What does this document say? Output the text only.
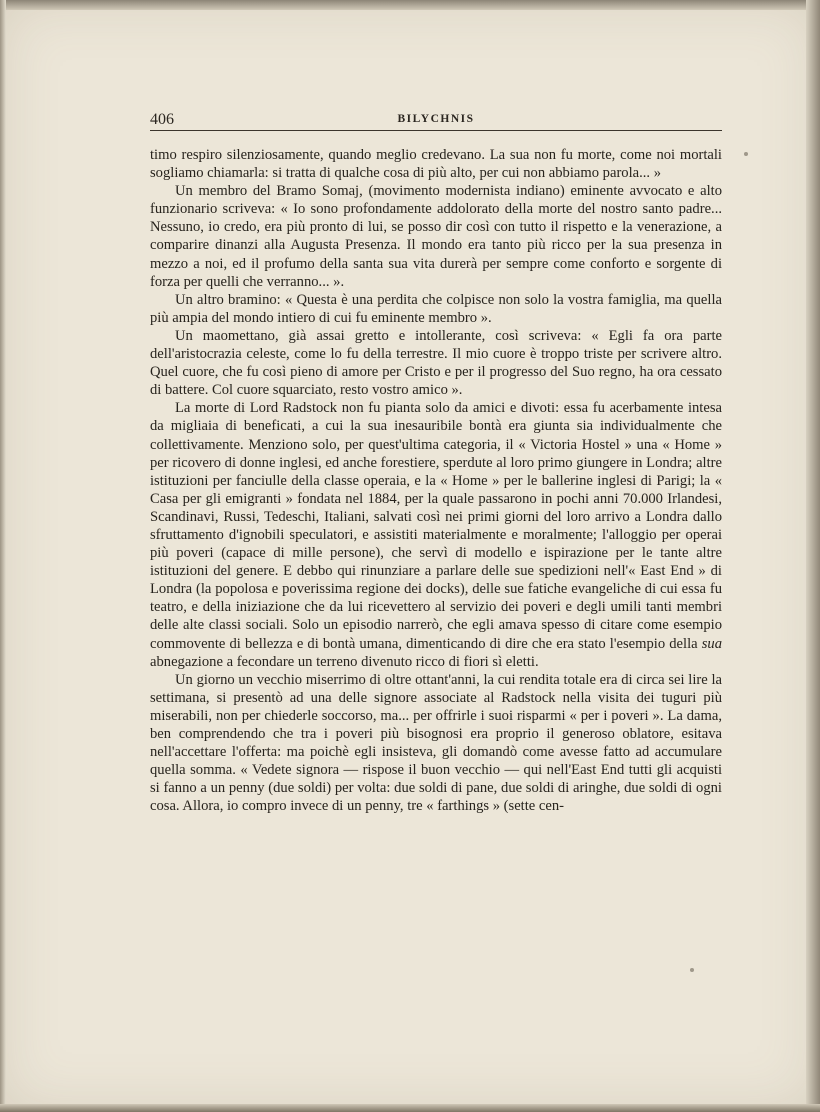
406	BILYCHNIS

timo respiro silenziosamente, quando meglio credevano. La sua non fu morte, come noi mortali sogliamo chiamarla: si tratta di qualche cosa di più alto, per cui non abbiamo parola... »

Un membro del Bramo Somaj, (movimento modernista indiano) eminente avvocato e alto funzionario scriveva: « Io sono profondamente addolorato della morte del nostro santo padre... Nessuno, io credo, era più pronto di lui, se posso dir così con tutto il rispetto e la venerazione, a comparire dinanzi alla Augusta Presenza. Il mondo era tanto più ricco per la sua presenza in mezzo a noi, ed il profumo della santa sua vita durerà per sempre come conforto e sorgente di forza per quelli che verranno... ».

Un altro bramino: « Questa è una perdita che colpisce non solo la vostra famiglia, ma quella più ampia del mondo intiero di cui fu eminente membro ».

Un maomettano, già assai gretto e intollerante, così scriveva: « Egli fa ora parte dell'aristocrazia celeste, come lo fu della terrestre. Il mio cuore è troppo triste per scrivere altro. Quel cuore, che fu così pieno di amore per Cristo e per il progresso del Suo regno, ha ora cessato di battere. Col cuore squarciato, resto vostro amico ».

La morte di Lord Radstock non fu pianta solo da amici e divoti: essa fu acerbamente intesa da migliaia di beneficati, a cui la sua inesauribile bontà era giunta sia individualmente che collettivamente. Menziono solo, per quest'ultima categoria, il « Victoria Hostel » una « Home » per ricovero di donne inglesi, ed anche forestiere, sperdute al loro primo giungere in Londra; altre istituzioni per fanciulle della classe operaia, e la « Home » per le ballerine inglesi di Parigi; la « Casa per gli emigranti » fondata nel 1884, per la quale passarono in pochi anni 70.000 Irlandesi, Scandinavi, Russi, Tedeschi, Italiani, salvati così nei primi giorni del loro arrivo a Londra dallo sfruttamento d'ignobili speculatori, e assistiti materialmente e moralmente; l'alloggio per operai più poveri (capace di mille persone), che servì di modello e ispirazione per le tante altre istituzioni del genere. E debbo qui rinunziare a parlare delle sue spedizioni nell'« East End » di Londra (la popolosa e poverissima regione dei docks), delle sue fatiche evangeliche di cui essa fu teatro, e della iniziazione che da lui ricevettero al servizio dei poveri e degli umili tanti membri delle alte classi sociali. Solo un episodio narrerò, che egli amava spesso di citare come esempio commovente di bellezza e di bontà umana, dimenticando di dire che era stato l'esempio della sua abnegazione a fecondare un terreno divenuto ricco di fiori sì eletti.

Un giorno un vecchio miserrimo di oltre ottant'anni, la cui rendita totale era di circa sei lire la settimana, si presentò ad una delle signore associate al Radstock nella visita dei tuguri più miserabili, non per chiederle soccorso, ma... per offrirle i suoi risparmi « per i poveri ». La dama, ben comprendendo che tra i poveri più bisognosi era proprio il generoso oblatore, esitava nell'accettare l'offerta: ma poichè egli insisteva, gli domandò come avesse fatto ad accumulare quella somma. « Vedete signora — rispose il buon vecchio — qui nell'East End tutti gli acquisti si fanno a un penny (due soldi) per volta: due soldi di pane, due soldi di aringhe, due soldi di ogni cosa. Allora, io compro invece di un penny, tre « farthings » (sette cen-
